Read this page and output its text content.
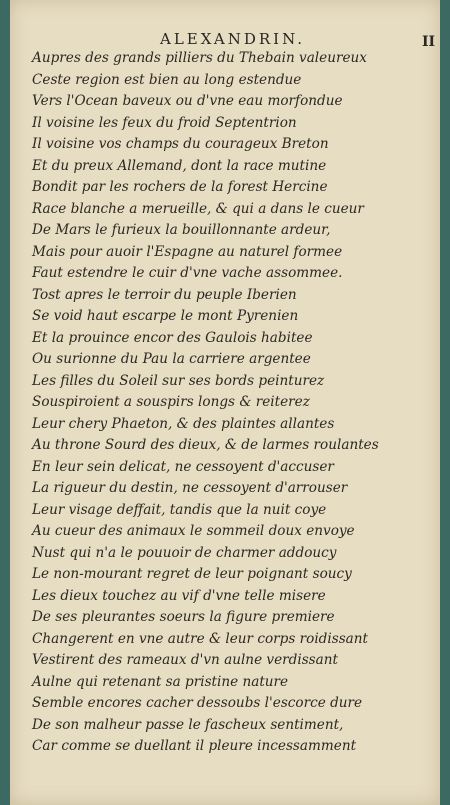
ALEXANDRIN.	II
Aupres des grands pilliers du Thebain valeureux
Ceste region est bien au long estendue
Vers l'Ocean baveux ou d'vne eau morfondue
Il voisine les feux du froid Septentrion
Il voisine vos champs du courageux Breton
Et du preux Allemand, dont la race mutine
Bondit par les rochers de la forest Hercine
Race blanche a merueille, & qui a dans le cueur
De Mars le furieux la bouillonnante ardeur,
Mais pour auoir l'Espagne au naturel formee
Faut estendre le cuir d'vne vache assommee.
Tost apres le terroir du peuple Iberien
Se void haut escarpe le mont Pyrenien
Et la prouince encor des Gaulois habitee
Ou surionne du Pau la carriere argentee
Les filles du Soleil sur ses bords peinturez
Souspiroient a souspirs longs & reiterez
Leur chery Phaeton, & des plaintes allantes
Au throne Sourd des dieux, & de larmes roulantes
En leur sein delicat, ne cessoyent d'accuser
La rigueur du destin, ne cessoyent d'arrouser
Leur visage deffait, tandis que la nuit coye
Au cueur des animaux le sommeil doux envoye
Nust qui n'a le pouuoir de charmer addoucy
Le non-mourant regret de leur poignant soucy
Les dieux touchez au vif d'vne telle misere
De ses pleurantes soeurs la figure premiere
Changerent en vne autre & leur corps roidissant
Vestirent des rameaux d'vn aulne verdissant
Aulne qui retenant sa pristine nature
Semble encores cacher dessoubs l'escorce dure
De son malheur passe le fascheux sentiment,
Car comme se duellant il pleure incessamment
